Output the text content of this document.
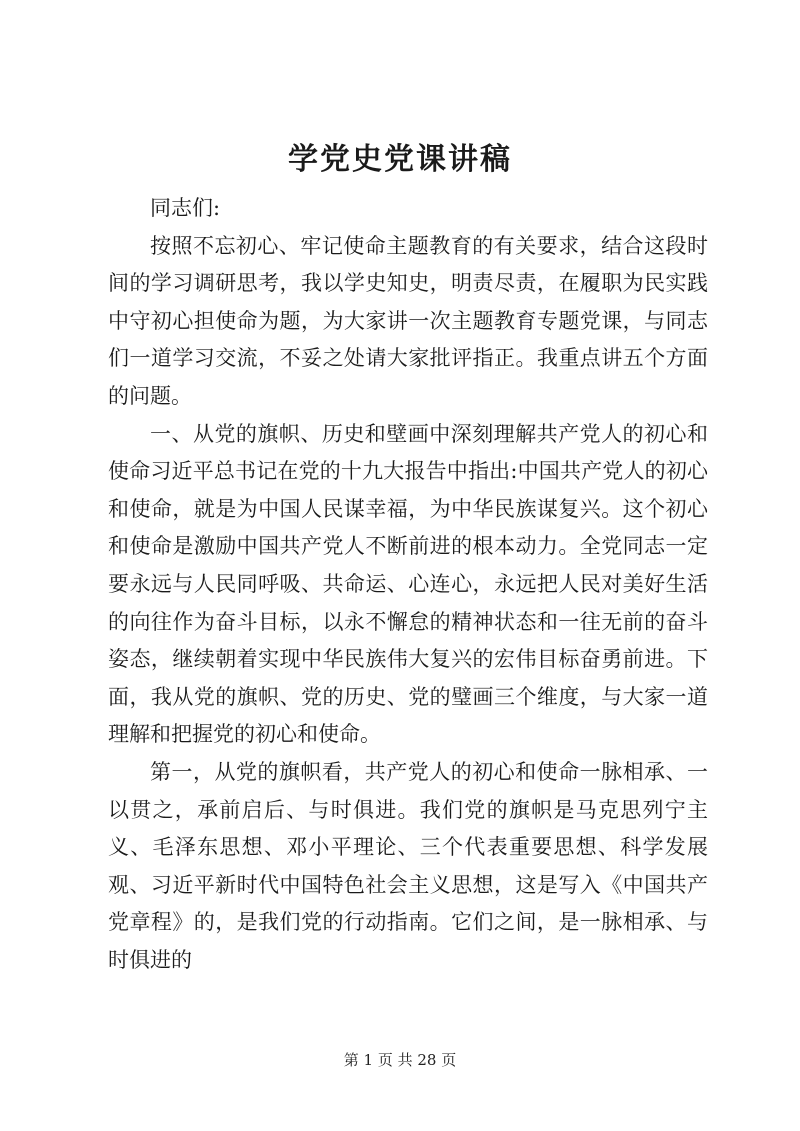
学党史党课讲稿

同志们:

按照不忘初心、牢记使命主题教育的有关要求，结合这段时间的学习调研思考，我以学史知史，明责尽责，在履职为民实践中守初心担使命为题，为大家讲一次主题教育专题党课，与同志们一道学习交流，不妥之处请大家批评指正。我重点讲五个方面的问题。

一、从党的旗帜、历史和壁画中深刻理解共产党人的初心和使命习近平总书记在党的十九大报告中指出:中国共产党人的初心和使命，就是为中国人民谋幸福，为中华民族谋复兴。这个初心和使命是激励中国共产党人不断前进的根本动力。全党同志一定要永远与人民同呼吸、共命运、心连心，永远把人民对美好生活的向往作为奋斗目标，以永不懈怠的精神状态和一往无前的奋斗姿态，继续朝着实现中华民族伟大复兴的宏伟目标奋勇前进。下面，我从党的旗帜、党的历史、党的璧画三个维度，与大家一道理解和把握党的初心和使命。

第一，从党的旗帜看，共产党人的初心和使命一脉相承、一以贯之，承前启后、与时俱进。我们党的旗帜是马克思列宁主义、毛泽东思想、邓小平理论、三个代表重要思想、科学发展观、习近平新时代中国特色社会主义思想，这是写入《中国共产党章程》的，是我们党的行动指南。它们之间，是一脉相承、与时俱进的

第 1 页 共 28 页
